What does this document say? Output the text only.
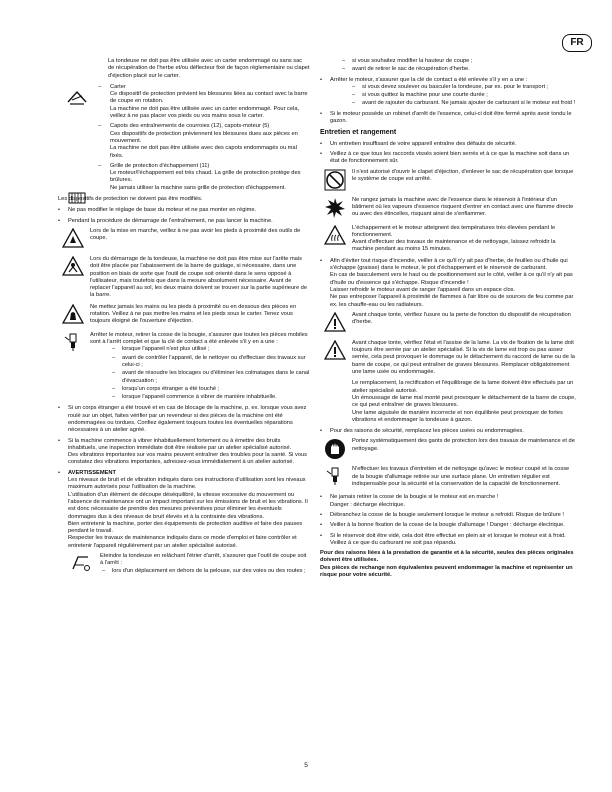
FR

La tondeuse ne doit pas être utilisée avec un carter endommagé ou sans sac de récupération de l'herbe et/ou déflecteur fixé de façon réglementaire ou clapet d'éjection placé sur le carter.

– Carter
Ce dispositif de protection prévient les blessures liées au contact avec la barre de coupe en rotation.
La machine ne doit pas être utilisée avec un carter endommagé. Pour cela, veillez à ne pas placer vos pieds ou vos mains sous le carter.

– Capots des entraînements de courroies (12), capots-moteur (5)
Ces dispositifs de protection préviennent les blessures dues aux pièces en mouvement.
La machine ne doit pas être utilisée avec des capots endommagés ou mal fixés.

– Grille de protection d'échappement (11)
Le moteur/l'échappement est très chaud. La grille de protection protège des brûlures.
Ne jamais utiliser la machine sans grille de protection d'échappement.

Les dispositifs de protection ne doivent pas être modifiés.

• Ne pas modifier le réglage de base du moteur et ne pas monter en régime.

• Pendant la procédure de démarrage de l'entraînement, ne pas lancer la machine.

Lors de la mise en marche, veillez à ne pas avoir les pieds à proximité des outils de coupe.

Lors du démarrage de la tondeuse, la machine ne doit pas être mise sur l'arête mais doit être placée par l'abaissement de la barre de guidage, si nécessaire, dans une position en biais de sorte que l'outil de coupe soit orienté dans le sens opposé à l'utilisateur, mais toutefois que dans la mesure absolument nécessaire. Avant de replacer l'appareil au sol, les deux mains doivent se trouver sur la partie supérieure de la barre.

Ne mettez jamais les mains ou les pieds à proximité ou en dessous des pièces en rotation. Veillez à ne pas mettre les mains et les pieds sous le carter. Tenez vous toujours éloigné de l'ouverture d'éjection.

Arrêter le moteur, retirer la cosse de la bougie, s'assurer que toutes les pièces mobiles sont à l'arrêt complet et que la clé de contact a été enlevée s'il y en a une :

– lorsque l'appareil n'est plus utilisé ;

– avant de contrôler l'appareil, de le nettoyer ou d'effectuer des travaux sur celui-ci ;

– avant de résoudre les blocages ou d'éliminer les colmatages dans le canal d'évacuation ;

– lorsqu'un corps étranger a été touché ;

– lorsque l'appareil commence à vibrer de manière inhabituelle.

• Si un corps étranger a été trouvé et en cas de blocage de la machine, p. ex. lorsque vous avez roulé sur un objet, faites vérifier par un revendeur si des pièces de la machine ont été endommagées ou tordues. Confiez également toujours toutes les éventuelles réparations nécessaires à un atelier agréé.

• Si la machine commence à vibrer inhabituellement fortement ou à émettre des bruits inhabituels, une inspection immédiate doit être réalisée par un atelier spécialisé autorisé.
Des vibrations importantes sur vos mains peuvent entraîner des troubles pour la santé. Si vous constatez des vibrations importantes, adressez-vous immédiatement à un atelier autorisé.

• AVERTISSEMENT

Les niveaux de bruit et de vibration indiqués dans ces instructions d'utilisation sont les niveaux maximum autorisés pour l'utilisation de la machine.
L'utilisation d'un élément de découpe déséquilibré, la vitesse excessive du mouvement ou l'absence de maintenance ont un impact important sur les émissions de bruit et les vibrations. Il est donc nécessaire de prendre des mesures préventives pour éliminer les éventuels dommages dus à des niveaux de bruit élevés et à la contrainte des vibrations.
Bien entretenir la machine, porter des équipements de protection auditive et faire des pauses pendant le travail.
Respecter les travaux de maintenance indiqués dans ce mode d'emploi et faire contrôler et entretenir l'appareil régulièrement par un atelier spécialisé autorisé.

Eteindre la tondeuse en relâchant l'étrier d'arrêt, s'assurer que l'outil de coupe soit à l'arrêt :

– lors d'un déplacement en dehors de la pelouse, sur des voies ou des routes ;

– si vous souhaitez modifier la hauteur de coupe ;

– avant de retirer le sac de récupération d'herbe.

• Arrêter le moteur, s'assurer que la clé de contact a été enlevée s'il y en a une :

– si vous devez soulever ou basculer la tondeuse, par ex. pour le transport ;

– si vous quittez la machine pour une courte durée ;

– avant de rajouter du carburant. Ne jamais ajouter de carburant si le moteur est froid !

• Si le moteur possède un robinet d'arrêt de l'essence, celui-ci doit être fermé après avoir tondu le gazon.

Entretien et rangement
• Un entretien insuffisant de votre appareil entraîne des défauts de sécurité.

• Veillez à ce que tous les raccords vissés soient bien serrés et à ce que la machine soit dans un état de fonctionnement sûr.

Il n'est autorisé d'ouvrir le clapet d'éjection, d'enlever le sac de récupération que lorsque le système de coupe est arrêté.

Ne rangez jamais la machine avec de l'essence dans le réservoir à l'intérieur d'un bâtiment où les vapeurs d'essence risquent d'entrer en contact avec une flamme directe ou avec des étincelles, risquant ainsi de s'enflammer.

L'échappement et le moteur atteignent des températures très élevées pendant le fonctionnement.
Avant d'effectuer des travaux de maintenance et de nettoyage, laissez refroidir la machine pendant au moins 15 minutes.

• Afin d'éviter tout risque d'incendie, veiller à ce qu'il n'y ait pas d'herbe, de feuilles ou d'huile qui s'échappe (graisse) dans le moteur, le pot d'échappement et le réservoir de carburant.
En cas de basculement vers le haut ou de positionnement sur le côté, veiller à ce qu'il n'y ait pas d'huile ou d'essence qui s'échappe. Risque d'incendie !
Laisser refroidir le moteur avant de ranger l'appareil dans un espace clos.
Ne pas entreposer l'appareil à proximité de flammes à l'air libre ou de sources de feu comme par ex. les chauffe-eau ou les radiateurs.

Avant chaque tonte, vérifiez l'usure ou la perte de fonction du dispositif de récupération d'herbe.

Avant chaque tonte, vérifiez l'état et l'assise de la lame. La vis de fixation de la lame doit toujours être serrée par un atelier spécialisé. Si la vis de lame est trop ou pas assez serrée, cela peut provoquer le dommage ou le détachement du raccord de lame ou de la barre de coupe, ce qui peut entraîner de graves blessures. Remplacer obligatoirement une lame usée ou endommagée.

Le remplacement, la rectification et l'équilibrage de la lame doivent être effectués par un atelier spécialisé autorisé.
Un émoussage de lame mal monté peut provoquer le détachement de la barre de coupe, ce qui peut entraîner de graves blessures.
Une lame aiguisée de manière incorrecte et non équilibrée peut provoquer de fortes vibrations et endommager la tondeuse à gazon.

• Pour des raisons de sécurité, remplacez les pièces usées ou endommagées.

Portez systématiquement des gants de protection lors des travaux de maintenance et de nettoyage.

N'effectuer les travaux d'entretien et de nettoyage qu'avec le moteur coupé et la cosse de la bougie d'allumage retirée sur une surface plane. Un entretien régulier est indispensable pour la sécurité et la conservation de la capacité de fonctionnement.

• Ne jamais retirer la cosse de la bougie si le moteur est en marche !
Danger : décharge électrique.

• Débranchez la cosse de la bougie seulement lorsque le moteur a refroidi. Risque de brûlure !

• Veiller à la bonne fixation de la cosse de la bougie d'allumage ! Danger : décharge électrique.

• Si le réservoir doit être vidé, cela doit être effectué en plein air et lorsque le moteur est à froid. Veillez à ce que du carburant ne soit pas répandu.

Pour des raisons liées à la prestation de garantie et à la sécurité, seules des pièces originales doivent être utilisées.
Des pièces de rechange non équivalentes peuvent endommager la machine et représenter un risque pour votre sécurité.

5
